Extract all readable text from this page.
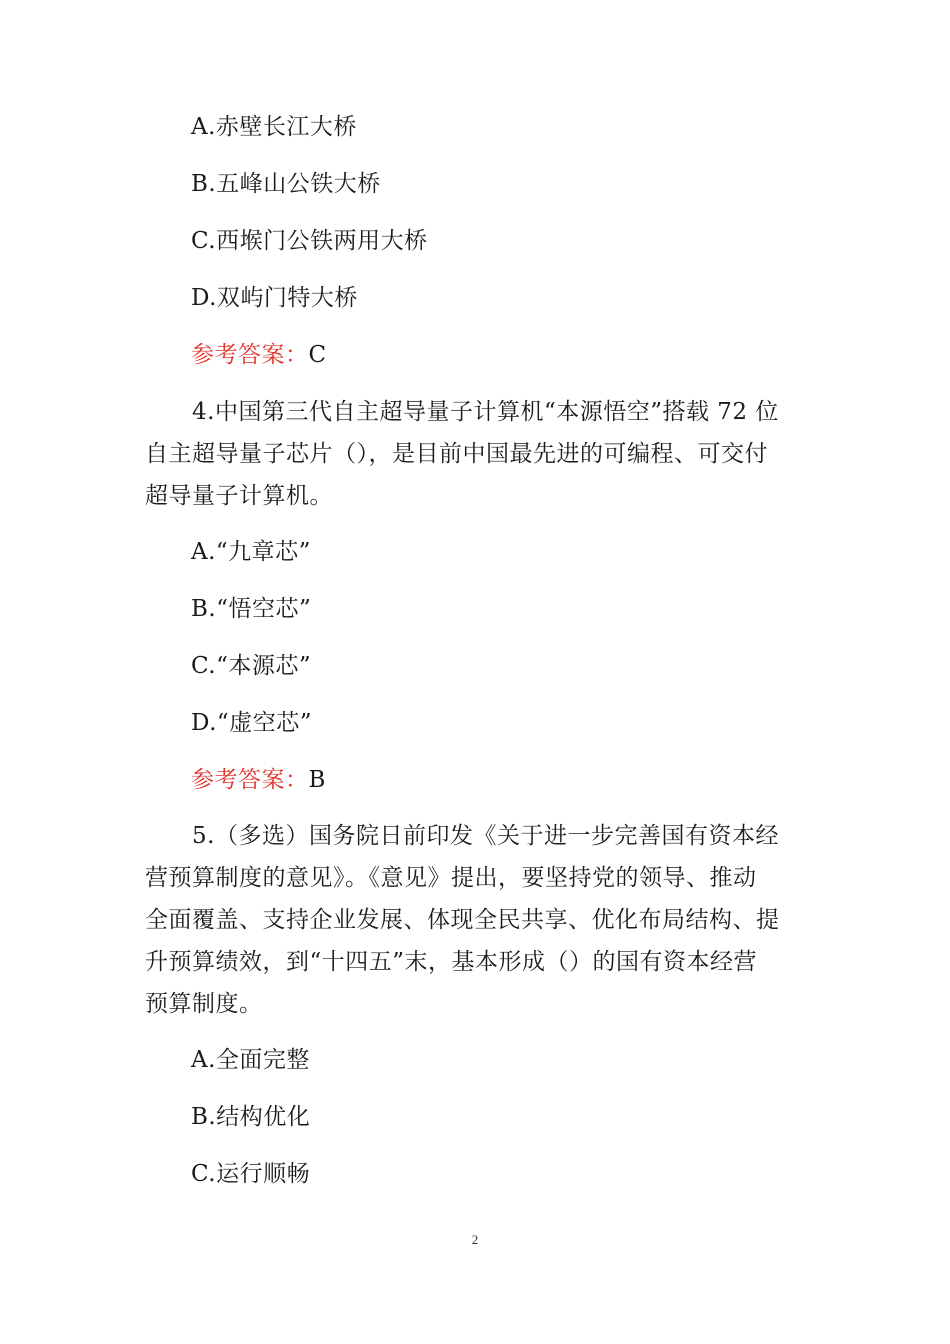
A.赤壁长江大桥
B.五峰山公铁大桥
C.西堠门公铁两用大桥
D.双屿门特大桥
参考答案：C
4.中国第三代自主超导量子计算机“本源悟空”搭载 72 位
自主超导量子芯片（），是目前中国最先进的可编程、可交付
超导量子计算机。
A.“九章芯”
B.“悟空芯”
C.“本源芯”
D.“虚空芯”
参考答案：B
5.（多选）国务院日前印发《关于进一步完善国有资本经
营预算制度的意见》。《意见》提出，要坚持党的领导、推动
全面覆盖、支持企业发展、体现全民共享、优化布局结构、提
升预算绩效，到“十四五”末，基本形成（）的国有资本经营
预算制度。
A.全面完整
B.结构优化
C.运行顺畅
2
